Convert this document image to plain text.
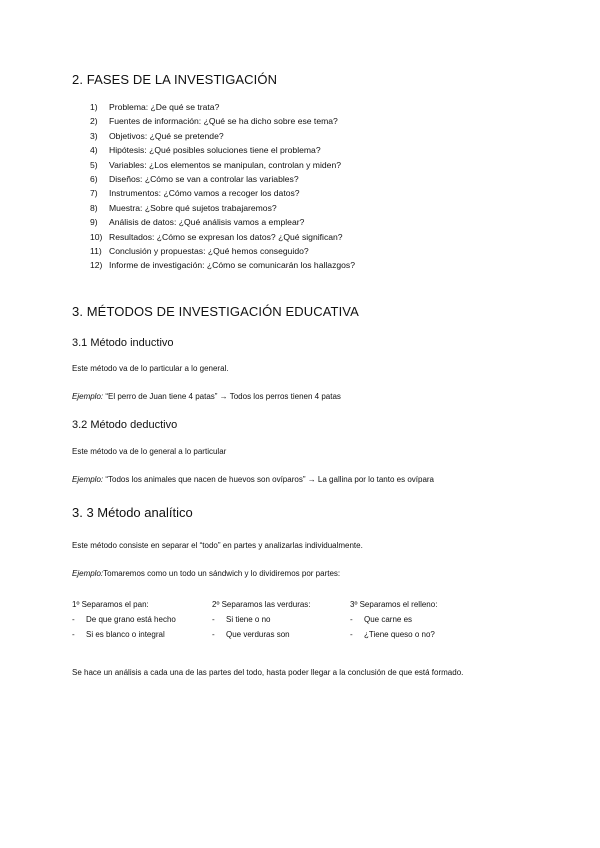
2. FASES DE LA INVESTIGACIÓN
1) Problema: ¿De qué se trata?
2) Fuentes de información: ¿Qué se ha dicho sobre ese tema?
3) Objetivos: ¿Qué se pretende?
4) Hipótesis: ¿Qué posibles soluciones tiene el problema?
5) Variables: ¿Los elementos se manipulan, controlan y miden?
6) Diseños: ¿Cómo se van a controlar las variables?
7) Instrumentos: ¿Cómo vamos a recoger los datos?
8) Muestra: ¿Sobre qué sujetos trabajaremos?
9) Análisis de datos: ¿Qué análisis vamos a emplear?
10) Resultados: ¿Cómo se expresan los datos? ¿Qué significan?
11) Conclusión y propuestas: ¿Qué hemos conseguido?
12) Informe de investigación: ¿Cómo se comunicarán los hallazgos?
3. MÉTODOS DE INVESTIGACIÓN EDUCATIVA
3.1 Método inductivo
Este método va de lo particular a lo general.
Ejemplo: “El perro de Juan tiene 4 patas” → Todos los perros tienen 4 patas
3.2 Método deductivo
Este método va de lo general a lo particular
Ejemplo: “Todos los animales que nacen de huevos son ovíparos” → La gallina por lo tanto es ovípara
3. 3 Método analítico
Este método consiste en separar el “todo” en partes y analizarlas individualmente.
Ejemplo:Tomaremos como un todo un sándwich y lo dividiremos por partes:
1º Separamos el pan:
- De que grano está hecho
- Si es blanco o integral
2º Separamos las verduras:
- Si tiene o no
- Que verduras son
3º Separamos el relleno:
- Que carne es
- ¿Tiene queso o no?
Se hace un análisis a cada una de las partes del todo, hasta poder llegar a la conclusión de que está formado.
